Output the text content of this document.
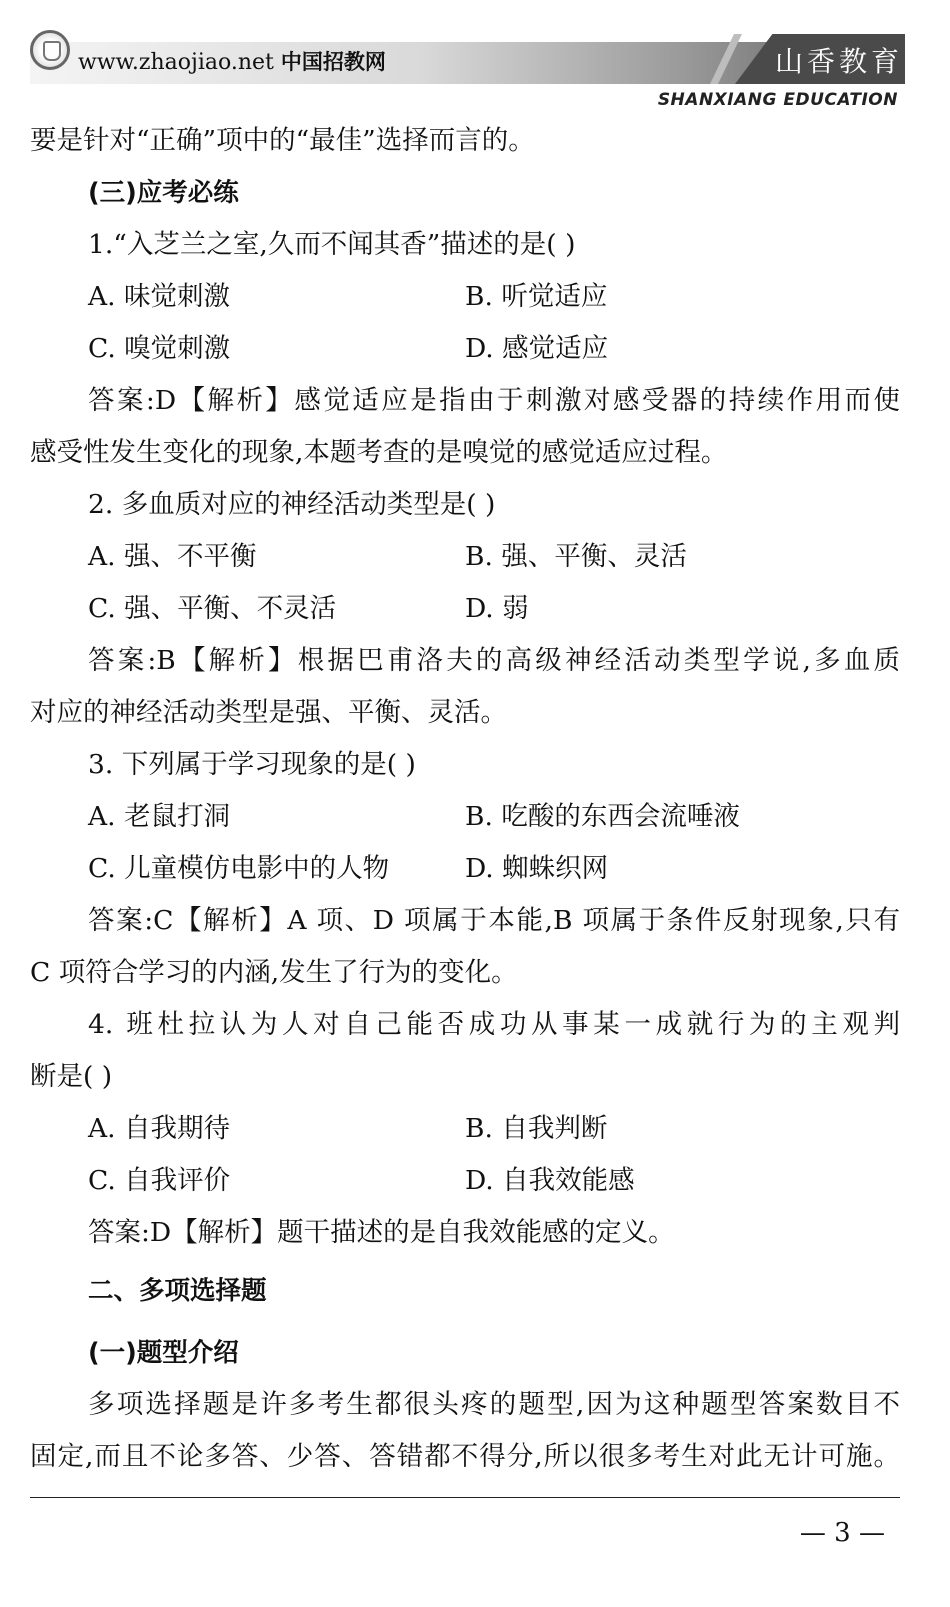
www.zhaojiao.net 中国招教网	山香教育
SHANXIANG EDUCATION
要是针对“正确”项中的“最佳”选择而言的。
(三)应考必练
1.“入芝兰之室,久而不闻其香”描述的是( )
A. 味觉刺激	B. 听觉适应
C. 嗅觉刺激	D. 感觉适应
答案:D【解析】感觉适应是指由于刺激对感受器的持续作用而使
感受性发生变化的现象,本题考查的是嗅觉的感觉适应过程。
2. 多血质对应的神经活动类型是( )
A. 强、不平衡	B. 强、平衡、灵活
C. 强、平衡、不灵活	D. 弱
答案:B【解析】根据巴甫洛夫的高级神经活动类型学说,多血质
对应的神经活动类型是强、平衡、灵活。
3. 下列属于学习现象的是( )
A. 老鼠打洞	B. 吃酸的东西会流唾液
C. 儿童模仿电影中的人物	D. 蜘蛛织网
答案:C【解析】A 项、D 项属于本能,B 项属于条件反射现象,只有
C 项符合学习的内涵,发生了行为的变化。
4. 班杜拉认为人对自己能否成功从事某一成就行为的主观判
断是( )
A. 自我期待	B. 自我判断
C. 自我评价	D. 自我效能感
答案:D【解析】题干描述的是自我效能感的定义。
二、多项选择题
(一)题型介绍
多项选择题是许多考生都很头疼的题型,因为这种题型答案数目不
固定,而且不论多答、少答、答错都不得分,所以很多考生对此无计可施。
— 3 —
